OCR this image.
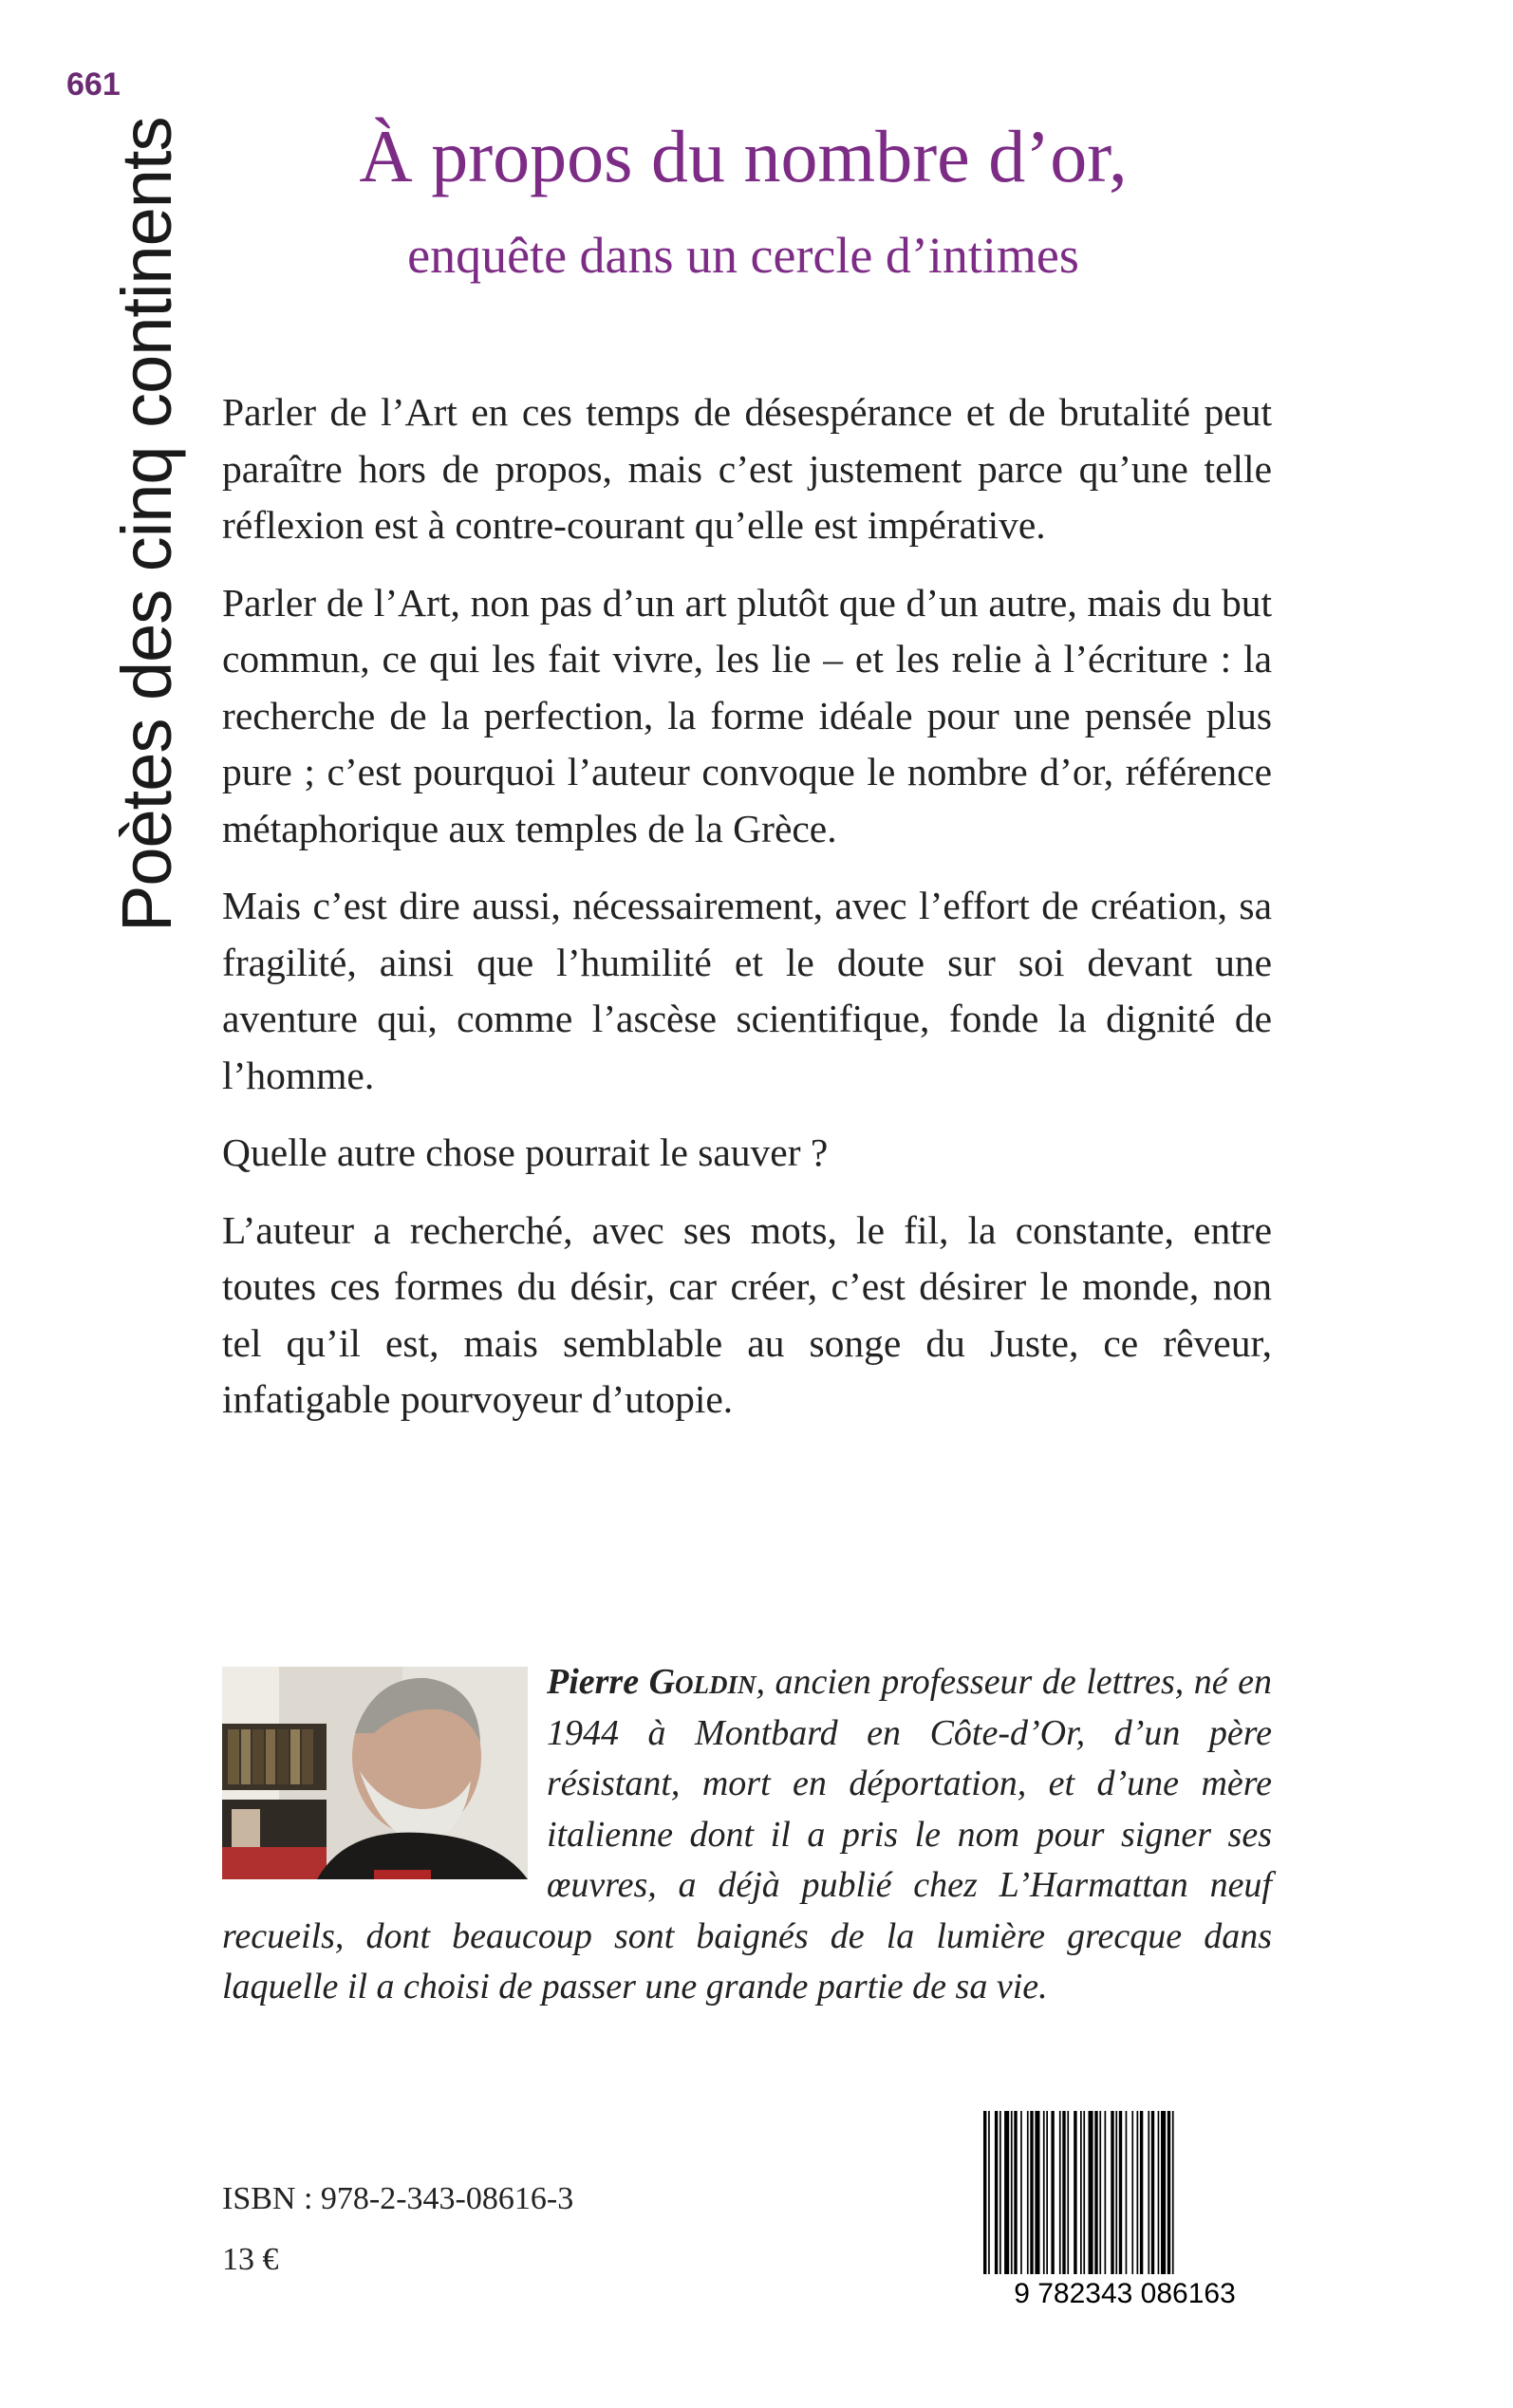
661
Poètes des cinq continents	À propos du nombre d’or,
enquête dans un cercle d’intimes

Parler de l’Art en ces temps de désespérance et de brutalité peut paraître hors de propos, mais c’est justement parce qu’une telle réflexion est à contre-courant qu’elle est impérative.

Parler de l’Art, non pas d’un art plutôt que d’un autre, mais du but commun, ce qui les fait vivre, les lie – et les relie à l’écriture : la recherche de la perfection, la forme idéale pour une pensée plus pure ; c’est pourquoi l’auteur convoque le nombre d’or, référence métaphorique aux temples de la Grèce.

Mais c’est dire aussi, nécessairement, avec l’effort de création, sa fragilité, ainsi que l’humilité et le doute sur soi devant une aventure qui, comme l’ascèse scientifique, fonde la dignité de l’homme.

Quelle autre chose pourrait le sauver ?

L’auteur a recherché, avec ses mots, le fil, la constante, entre toutes ces formes du désir, car créer, c’est désirer le monde, non tel qu’il est, mais semblable au songe du Juste, ce rêveur, infatigable pourvoyeur d’utopie.

Pierre Goldin, ancien professeur de lettres, né en 1944 à Montbard en Côte-d’Or, d’un père résistant, mort en déportation, et d’une mère italienne dont il a pris le nom pour signer ses œuvres, a déjà publié chez L’Harmattan neuf recueils, dont beaucoup sont baignés de la lumière grecque dans laquelle il a choisi de passer une grande partie de sa vie.
ISBN : 978-2-343-08616-3
13 €
9 782343 086163
